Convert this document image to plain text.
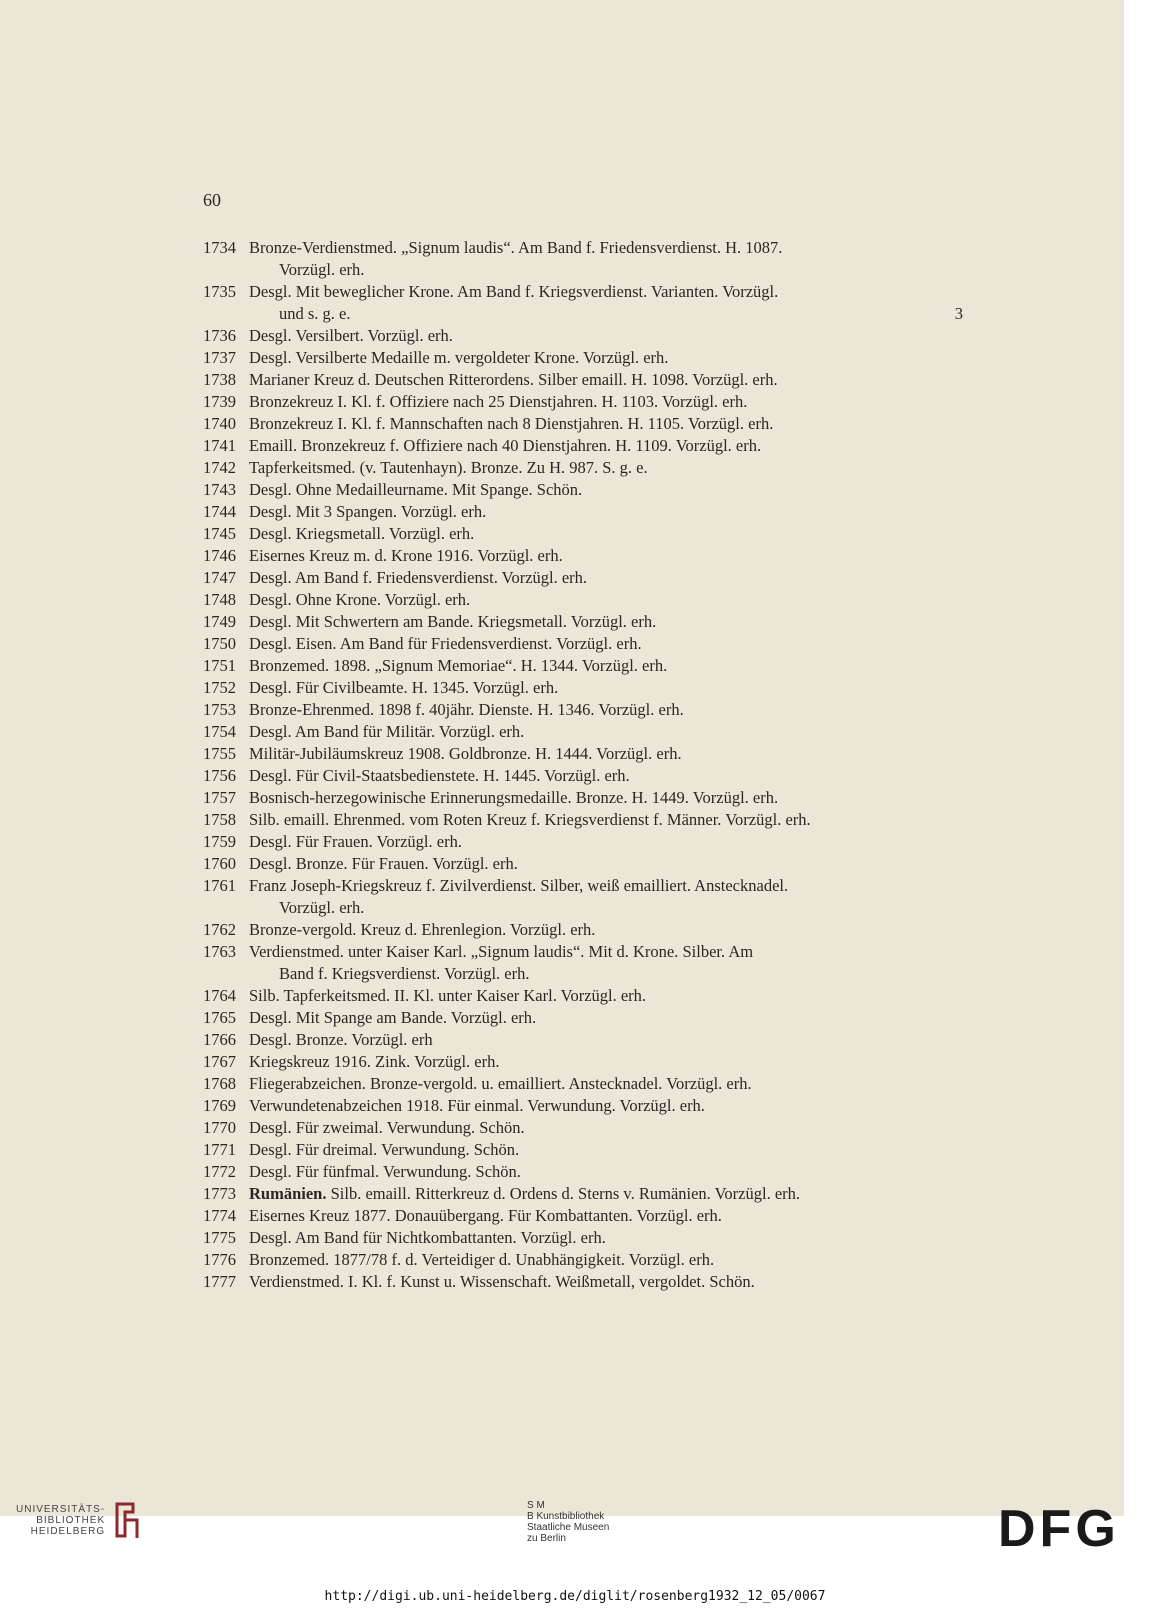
60
1734 Bronze-Verdienstmed. „Signum laudis“. Am Band f. Friedensverdienst. H. 1087.
Vorzügl. erh.
1735 Desgl. Mit beweglicher Krone. Am Band f. Kriegsverdienst. Varianten. Vorzügl.
und s. g. e.	3
1736 Desgl. Versilbert. Vorzügl. erh.
1737 Desgl. Versilberte Medaille m. vergoldeter Krone. Vorzügl. erh.
1738 Marianer Kreuz d. Deutschen Ritterordens. Silber emaill. H. 1098. Vorzügl. erh.
1739 Bronzekreuz I. Kl. f. Offiziere nach 25 Dienstjahren. H. 1103. Vorzügl. erh.
1740 Bronzekreuz I. Kl. f. Mannschaften nach 8 Dienstjahren. H. 1105. Vorzügl. erh.
1741 Emaill. Bronzekreuz f. Offiziere nach 40 Dienstjahren. H. 1109. Vorzügl. erh.
1742 Tapferkeitsmed. (v. Tautenhayn). Bronze. Zu H. 987. S. g. e.
1743 Desgl. Ohne Medailleurname. Mit Spange. Schön.
1744 Desgl. Mit 3 Spangen. Vorzügl. erh.
1745 Desgl. Kriegsmetall. Vorzügl. erh.
1746 Eisernes Kreuz m. d. Krone 1916. Vorzügl. erh.
1747 Desgl. Am Band f. Friedensverdienst. Vorzügl. erh.
1748 Desgl. Ohne Krone. Vorzügl. erh.
1749 Desgl. Mit Schwertern am Bande. Kriegsmetall. Vorzügl. erh.
1750 Desgl. Eisen. Am Band für Friedensverdienst. Vorzügl. erh.
1751 Bronzemed. 1898. „Signum Memoriae“. H. 1344. Vorzügl. erh.
1752 Desgl. Für Civilbeamte. H. 1345. Vorzügl. erh.
1753 Bronze-Ehrenmed. 1898 f. 40jähr. Dienste. H. 1346. Vorzügl. erh.
1754 Desgl. Am Band für Militär. Vorzügl. erh.
1755 Militär-Jubiläumskreuz 1908. Goldbronze. H. 1444. Vorzügl. erh.
1756 Desgl. Für Civil-Staatsbedienstete. H. 1445. Vorzügl. erh.
1757 Bosnisch-herzegowinische Erinnerungsmedaille. Bronze. H. 1449. Vorzügl. erh.
1758 Silb. emaill. Ehrenmed. vom Roten Kreuz f. Kriegsverdienst f. Männer. Vorzügl. erh.
1759 Desgl. Für Frauen. Vorzügl. erh.
1760 Desgl. Bronze. Für Frauen. Vorzügl. erh.
1761 Franz Joseph-Kriegskreuz f. Zivilverdienst. Silber, weiß emailliert. Anstecknadel.
Vorzügl. erh.
1762 Bronze-vergold. Kreuz d. Ehrenlegion. Vorzügl. erh.
1763 Verdienstmed. unter Kaiser Karl. „Signum laudis“. Mit d. Krone. Silber. Am
Band f. Kriegsverdienst. Vorzügl. erh.
1764 Silb. Tapferkeitsmed. II. Kl. unter Kaiser Karl. Vorzügl. erh.
1765 Desgl. Mit Spange am Bande. Vorzügl. erh.
1766 Desgl. Bronze. Vorzügl. erh
1767 Kriegskreuz 1916. Zink. Vorzügl. erh.
1768 Fliegerabzeichen. Bronze-vergold. u. emailliert. Anstecknadel. Vorzügl. erh.
1769 Verwundetenabzeichen 1918. Für einmal. Verwundung. Vorzügl. erh.
1770 Desgl. Für zweimal. Verwundung. Schön.
1771 Desgl. Für dreimal. Verwundung. Schön.
1772 Desgl. Für fünfmal. Verwundung. Schön.
1773 Rumänien. Silb. emaill. Ritterkreuz d. Ordens d. Sterns v. Rumänien. Vorzügl. erh.
1774 Eisernes Kreuz 1877. Donauübergang. Für Kombattanten. Vorzügl. erh.
1775 Desgl. Am Band für Nichtkombattanten. Vorzügl. erh.
1776 Bronzemed. 1877/78 f. d. Verteidiger d. Unabhängigkeit. Vorzügl. erh.
1777 Verdienstmed. I. Kl. f. Kunst u. Wissenschaft. Weißmetall, vergoldet. Schön.
UNIVERSITÄTS-
BIBLIOTHEK
HEIDELBERG
S M
B Kunstbibliothek
Staatliche Museen
zu Berlin	DFG
http://digi.ub.uni-heidelberg.de/diglit/rosenberg1932_12_05/0067
